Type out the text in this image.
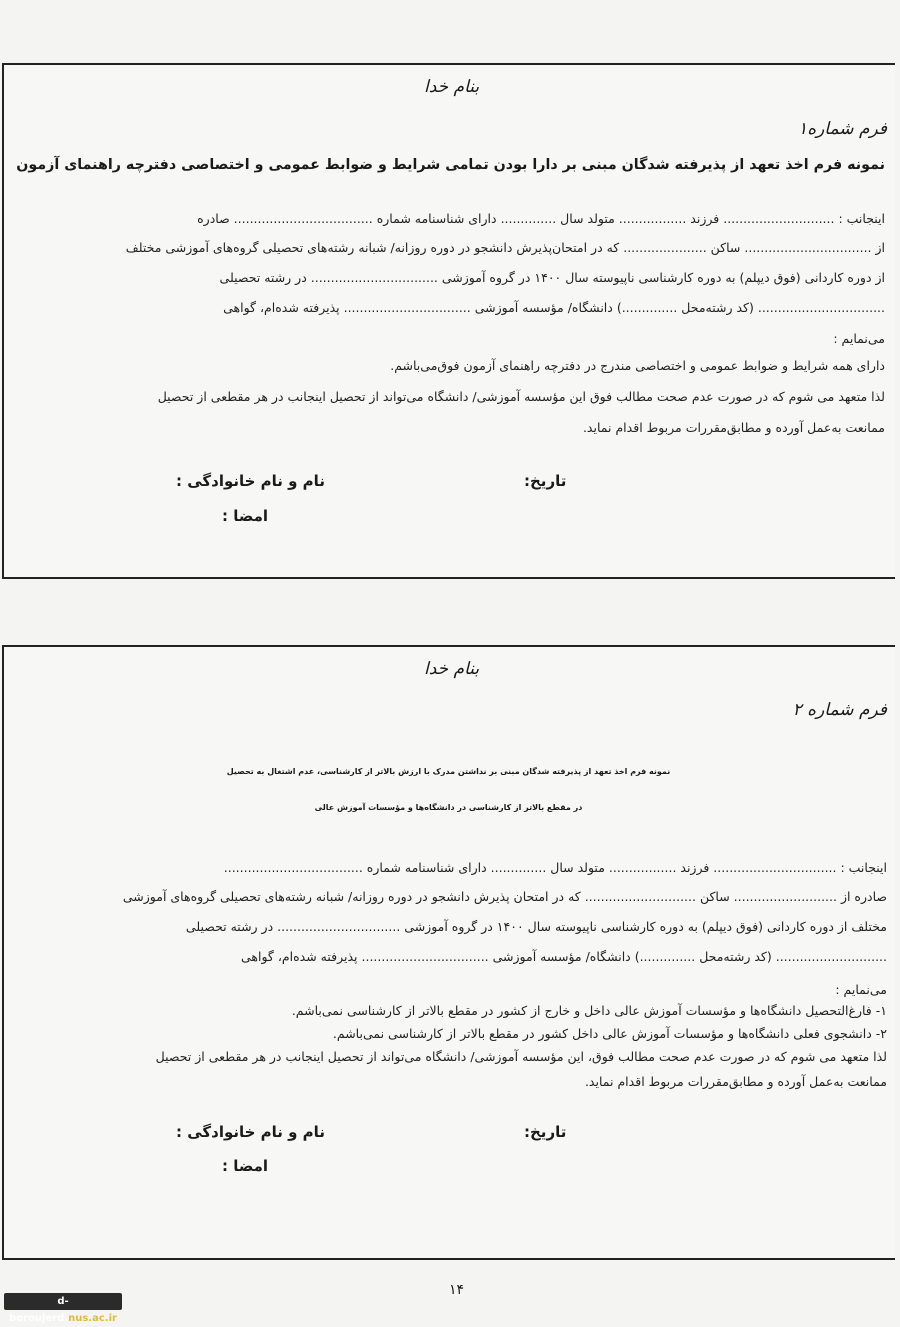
بنام خدا
فرم شماره۱
نمونه فرم اخذ تعهد از پذیرفته شدگان مبنی بر دارا بودن تمامی شرایط و ضوابط عمومی و اختصاصی دفترچه راهنمای آزمون
اینجانب : ............................ فرزند ................. متولد سال .............. دارای شناسنامه شماره ................................... صادره
از ................................ ساکن ..................... که در امتحان‌پذیرش دانشجو در دوره روزانه/ شبانه رشته‌های تحصیلی گروه‌های آموزشی مختلف
از دوره کاردانی (فوق دیپلم) به دوره کارشناسی ناپیوسته سال ۱۴۰۰ در گروه آموزشی ................................ در رشته تحصیلی
................................ (کد رشته‌محل ..............) دانشگاه/ مؤسسه آموزشی ................................ پذیرفته شده‌ام، گواهی
می‌نمایم :
دارای همه شرایط و ضوابط عمومی و اختصاصی مندرج در دفترچه راهنمای آزمون فوق‌می‌باشم.
لذا متعهد می شوم که در صورت عدم صحت مطالب فوق این مؤسسه آموزشی/ دانشگاه می‌تواند از تحصیل اینجانب در هر مقطعی از تحصیل
ممانعت به‌عمل آورده و مطابق‌مقررات مربوط اقدام نماید.
تاریخ:
نام و نام خانوادگی :
امضا :
بنام خدا
فرم شماره ۲
نمونه فرم اخذ تعهد از پذیرفته شدگان مبنی بر نداشتن مدرک با ارزش بالاتر از کارشناسی، عدم اشتغال به تحصیل
در مقطع بالاتر از کارشناسی در دانشگاه‌ها و مؤسسات آموزش عالی
اینجانب : ............................... فرزند ................. متولد سال .............. دارای شناسنامه شماره ...................................
صادره از .......................... ساکن ............................ که در امتحان پذیرش دانشجو در دوره روزانه/ شبانه رشته‌های تحصیلی گروه‌های آموزشی
مختلف از دوره کاردانی (فوق دیپلم) به دوره کارشناسی ناپیوسته سال ۱۴۰۰ در گروه آموزشی ............................... در رشته تحصیلی
............................ (کد رشته‌محل ..............) دانشگاه/ مؤسسه آموزشی ................................ پذیرفته شده‌ام، گواهی
می‌نمایم :
۱- فارغ‌التحصیل دانشگاه‌ها و مؤسسات آموزش عالی داخل و خارج از کشور در مقطع بالاتر از کارشناسی نمی‌باشم.
۲- دانشجوی فعلی دانشگاه‌ها و مؤسسات آموزش عالی داخل کشور در مقطع بالاتر از کارشناسی نمی‌باشم.
لذا متعهد می شوم که در صورت عدم صحت مطالب فوق، این مؤسسه آموزشی/ دانشگاه می‌تواند از تحصیل اینجانب در هر مقطعی از تحصیل
ممانعت به‌عمل آورده و مطابق‌مقررات مربوط اقدام نماید.
تاریخ:
نام و نام خانوادگی :
امضا :
۱۴
d-boroujerd.nus.ac.ir
